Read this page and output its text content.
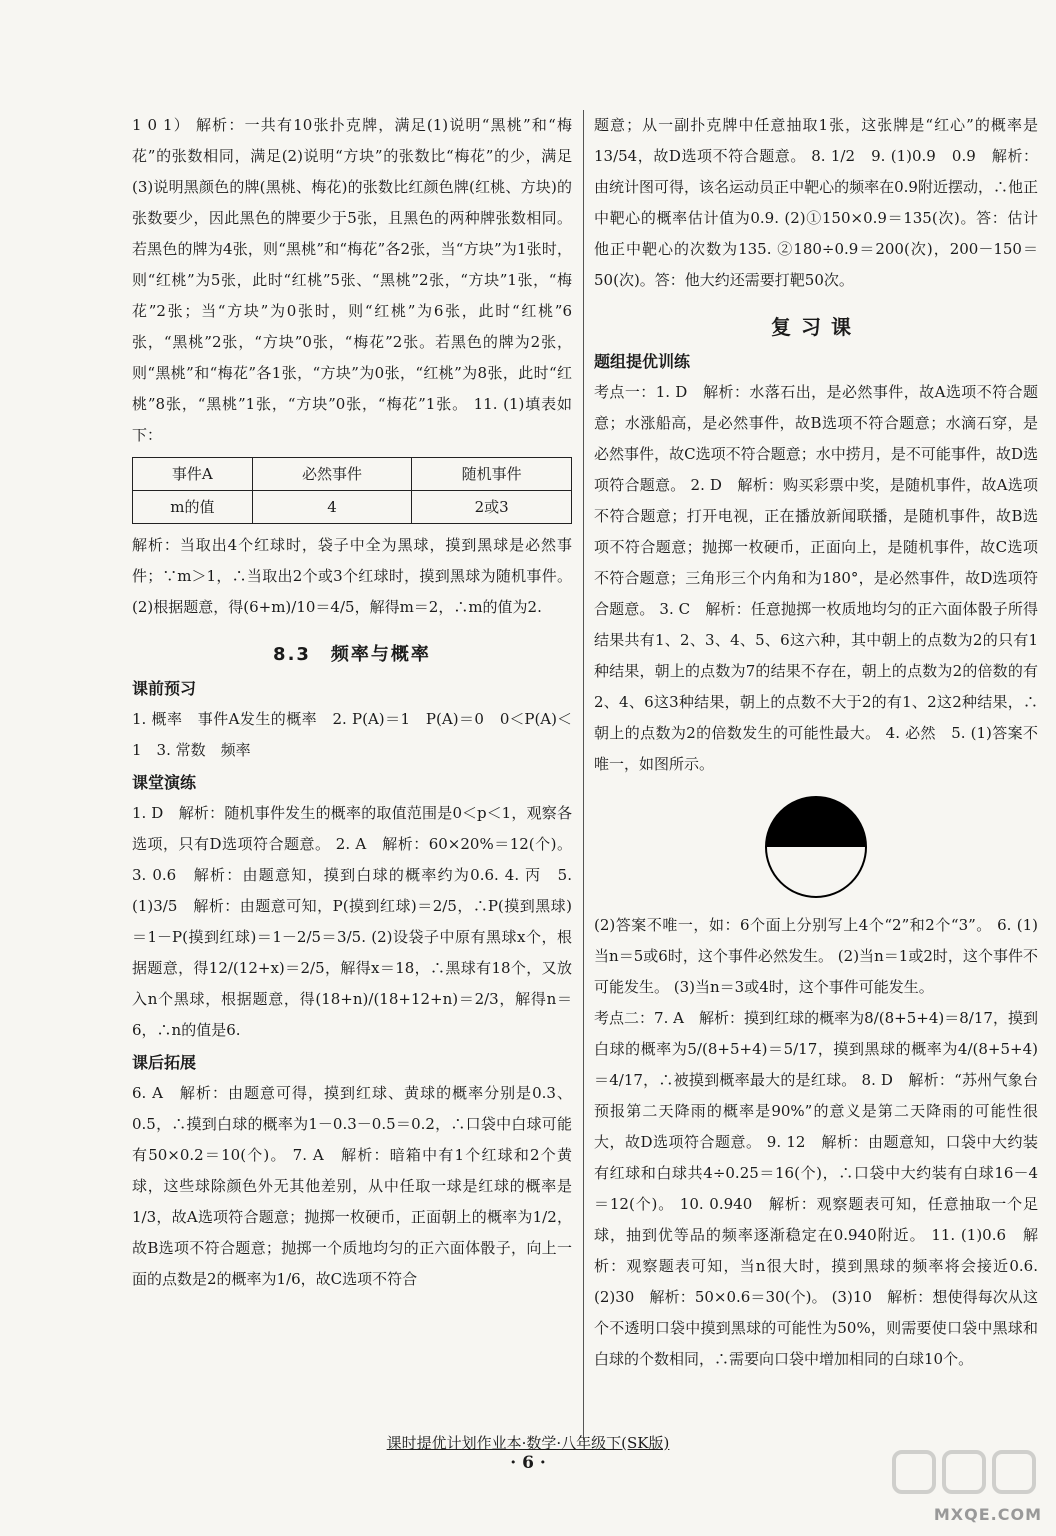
1 0 1） 解析：一共有10张扑克牌，满足(1)说明“黑桃”和“梅花”的张数相同，满足(2)说明“方块”的张数比“梅花”的少，满足(3)说明黑颜色的牌(黑桃、梅花)的张数比红颜色牌(红桃、方块)的张数要少，因此黑色的牌要少于5张，且黑色的两种牌张数相同。若黑色的牌为4张，则“黑桃”和“梅花”各2张，当“方块”为1张时，则“红桃”为5张，此时“红桃”5张、“黑桃”2张，“方块”1张，“梅花”2张；当“方块”为0张时，则“红桃”为6张，此时“红桃”6张，“黑桃”2张，“方块”0张，“梅花”2张。若黑色的牌为2张，则“黑桃”和“梅花”各1张，“方块”为0张，“红桃”为8张，此时“红桃”8张，“黑桃”1张，“方块”0张，“梅花”1张。 11. (1)填表如下：

事件A	必然事件	随机事件
m的值	4	2或3

解析：当取出4个红球时，袋子中全为黑球，摸到黑球是必然事件；∵m＞1，∴当取出2个或3个红球时，摸到黑球为随机事件。 (2)根据题意，得(6+m)/10＝4/5，解得m＝2，∴m的值为2.

8.3　频率与概率
课前预习

1. 概率　事件A发生的概率　2. P(A)＝1　P(A)＝0　0＜P(A)＜1　3. 常数　频率

课堂演练

1. D　解析：随机事件发生的概率的取值范围是0＜p＜1，观察各选项，只有D选项符合题意。 2. A　解析：60×20%＝12(个)。 3. 0.6　解析：由题意知，摸到白球的概率约为0.6. 4. 丙　5. (1)3/5　解析：由题意可知，P(摸到红球)＝2/5，∴P(摸到黑球)＝1－P(摸到红球)＝1－2/5＝3/5. (2)设袋子中原有黑球x个，根据题意，得12/(12+x)＝2/5，解得x＝18，∴黑球有18个，又放入n个黑球，根据题意，得(18+n)/(18+12+n)＝2/3，解得n＝6，∴n的值是6.

课后拓展

6. A　解析：由题意可得，摸到红球、黄球的概率分别是0.3、0.5，∴摸到白球的概率为1－0.3－0.5＝0.2，∴口袋中白球可能有50×0.2＝10(个)。 7. A　解析：暗箱中有1个红球和2个黄球，这些球除颜色外无其他差别，从中任取一球是红球的概率是1/3，故A选项符合题意；抛掷一枚硬币，正面朝上的概率为1/2，故B选项不符合题意；抛掷一个质地均匀的正六面体骰子，向上一面的点数是2的概率为1/6，故C选项不符合

题意；从一副扑克牌中任意抽取1张，这张牌是“红心”的概率是13/54，故D选项不符合题意。 8. 1/2　9. (1)0.9　0.9　解析：由统计图可得，该名运动员正中靶心的频率在0.9附近摆动，∴他正中靶心的概率估计值为0.9. (2)①150×0.9＝135(次)。答：估计他正中靶心的次数为135. ②180÷0.9＝200(次)，200－150＝50(次)。答：他大约还需要打靶50次。

复习课
题组提优训练

考点一：1. D　解析：水落石出，是必然事件，故A选项不符合题意；水涨船高，是必然事件，故B选项不符合题意；水滴石穿，是必然事件，故C选项不符合题意；水中捞月，是不可能事件，故D选项符合题意。 2. D　解析：购买彩票中奖，是随机事件，故A选项不符合题意；打开电视，正在播放新闻联播，是随机事件，故B选项不符合题意；抛掷一枚硬币，正面向上，是随机事件，故C选项不符合题意；三角形三个内角和为180°，是必然事件，故D选项符合题意。 3. C　解析：任意抛掷一枚质地均匀的正六面体骰子所得结果共有1、2、3、4、5、6这六种，其中朝上的点数为2的只有1种结果，朝上的点数为7的结果不存在，朝上的点数为2的倍数的有2、4、6这3种结果，朝上的点数不大于2的有1、2这2种结果，∴朝上的点数为2的倍数发生的可能性最大。 4. 必然　5. (1)答案不唯一，如图所示。

(2)答案不唯一，如：6个面上分别写上4个“2”和2个“3”。 6. (1)当n＝5或6时，这个事件必然发生。 (2)当n＝1或2时，这个事件不可能发生。 (3)当n＝3或4时，这个事件可能发生。

考点二：7. A　解析：摸到红球的概率为8/(8+5+4)＝8/17，摸到白球的概率为5/(8+5+4)＝5/17，摸到黑球的概率为4/(8+5+4)＝4/17，∴被摸到概率最大的是红球。 8. D　解析：“苏州气象台预报第二天降雨的概率是90%”的意义是第二天降雨的可能性很大，故D选项符合题意。 9. 12　解析：由题意知，口袋中大约装有红球和白球共4÷0.25＝16(个)，∴口袋中大约装有白球16－4＝12(个)。 10. 0.940　解析：观察题表可知，任意抽取一个足球，抽到优等品的频率逐渐稳定在0.940附近。 11. (1)0.6　解析：观察题表可知，当n很大时，摸到黑球的频率将会接近0.6. (2)30　解析：50×0.6＝30(个)。 (3)10　解析：想使得每次从这个不透明口袋中摸到黑球的可能性为50%，则需要使口袋中黑球和白球的个数相同，∴需要向口袋中增加相同的白球10个。

课时提优计划作业本·数学·八年级下(SK版)
· 6 ·
MXQE.COM
